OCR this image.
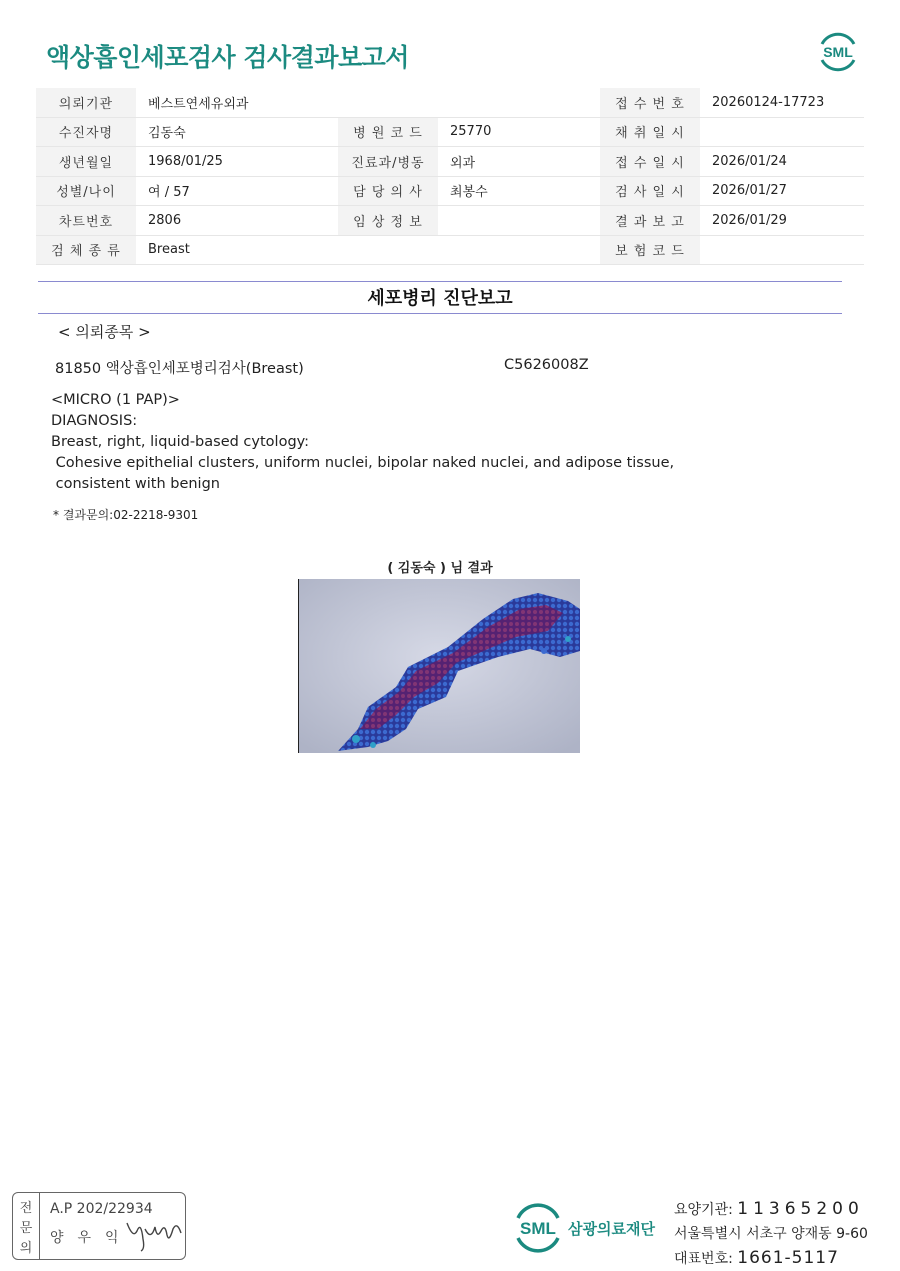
액상흡인세포검사 검사결과보고서	SML
의뢰기관	베스트연세유외과			접 수 번 호	20260124-17723
수진자명	김동숙	병 원 코 드	25770	채 취 일 시	
생년월일	1968/01/25	진료과/병동	외과	접 수 일 시	2026/01/24
성별/나이	여 / 57	담 당 의 사	최봉수	검 사 일 시	2026/01/27
차트번호	2806	임 상 정 보		결 과 보 고	2026/01/29
검 체 종 류	Breast			보 험 코 드	
세포병리 진단보고
< 의뢰종목 >
81850 액상흡인세포병리검사(Breast)	C5626008Z
<MICRO (1 PAP)>
DIAGNOSIS:
Breast, right, liquid-based cytology:
Cohesive epithelial clusters, uniform nuclei, bipolar naked nuclei, and adipose tissue,
consistent with benign
* 결과문의:02-2218-9301
( 김동숙 ) 님 결과
전
문
의
A.P 202/22934
양우익	SML 삼광의료재단
요양기관: 11365200
서울특별시 서초구 양재동 9-60
대표번호: 1661-5117
